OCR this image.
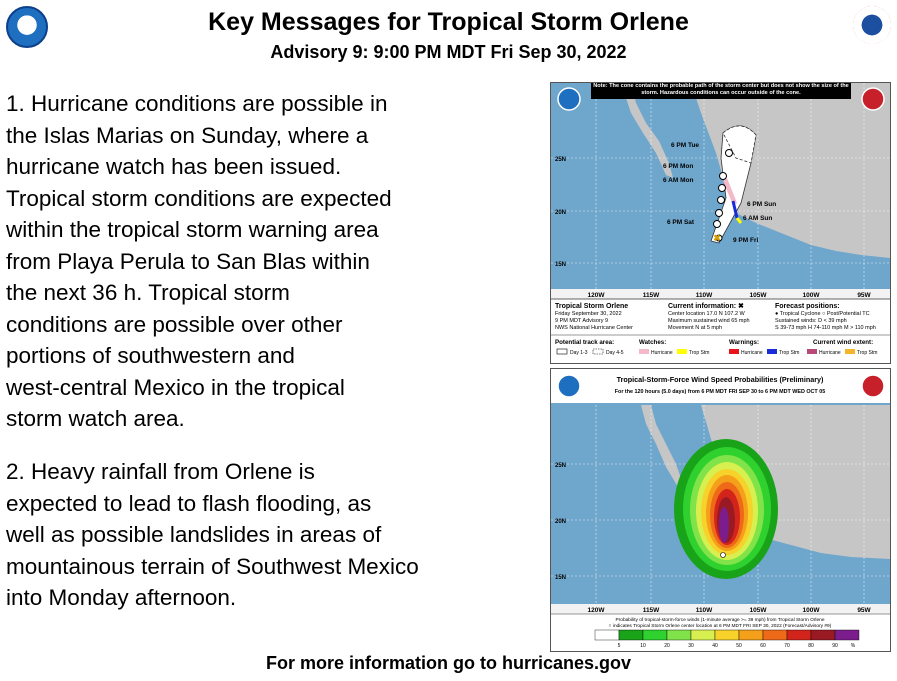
Key Messages for Tropical Storm Orlene
Advisory 9: 9:00 PM MDT Fri Sep 30, 2022
1. Hurricane conditions are possible in
the Islas Marias on Sunday, where a
hurricane watch has been issued.
Tropical storm conditions are expected
within the tropical storm warning area
from Playa Perula to San Blas within
the next 36 h. Tropical storm
conditions are possible over other
portions of southwestern and
west-central Mexico in the tropical
storm watch area.
2. Heavy rainfall from Orlene is
expected to lead to flash flooding, as
well as possible landslides in areas of
mountainous terrain of Southwest Mexico
into Monday afternoon.
✖
6 PM Tue
6 PM Mon
6 AM Mon
6 PM Sun
6 AM Sun
6 PM Sat
9 PM Fri
25N
20N
15N
Note: The cone contains the probable path of the storm center but does not show the size of the storm. Hazardous conditions can occur outside of the cone.
120W	115W	110W	105W	100W	95W
Tropical Storm Orlene
Friday September 30, 2022
9 PM MDT Advisory 9
NWS National Hurricane Center
Current information: ✖
Center location 17.0 N 107.2 W
Maximum sustained wind 65 mph
Movement N at 5 mph
Forecast positions:
● Tropical Cyclone ○ Post/Potential TC
Sustained winds: D < 39 mph
S 39-73 mph H 74-110 mph M > 110 mph
Potential track area:
Day 1-3	Day 4-5
Watches:
Hurricane	Trop Stm
Warnings:
Hurricane	Trop Stm
Current wind extent:
Hurricane	Trop Stm
Tropical-Storm-Force Wind Speed Probabilities (Preliminary)
For the 120 hours (5.0 days) from 6 PM MDT FRI SEP 30 to 6 PM MDT WED OCT 05
25N
20N
15N
120W	115W	110W	105W	100W	95W
Probability of tropical-storm-force winds (1-minute average >= 39 mph) from Tropical Storm Orlene
○ indicates Tropical Storm Orlene center location at 6 PM MDT FRI SEP 30, 2022 (Forecast/Advisory #9)
5	10	20	30	40	50	60	70	80	90	%
For more information go to hurricanes.gov
